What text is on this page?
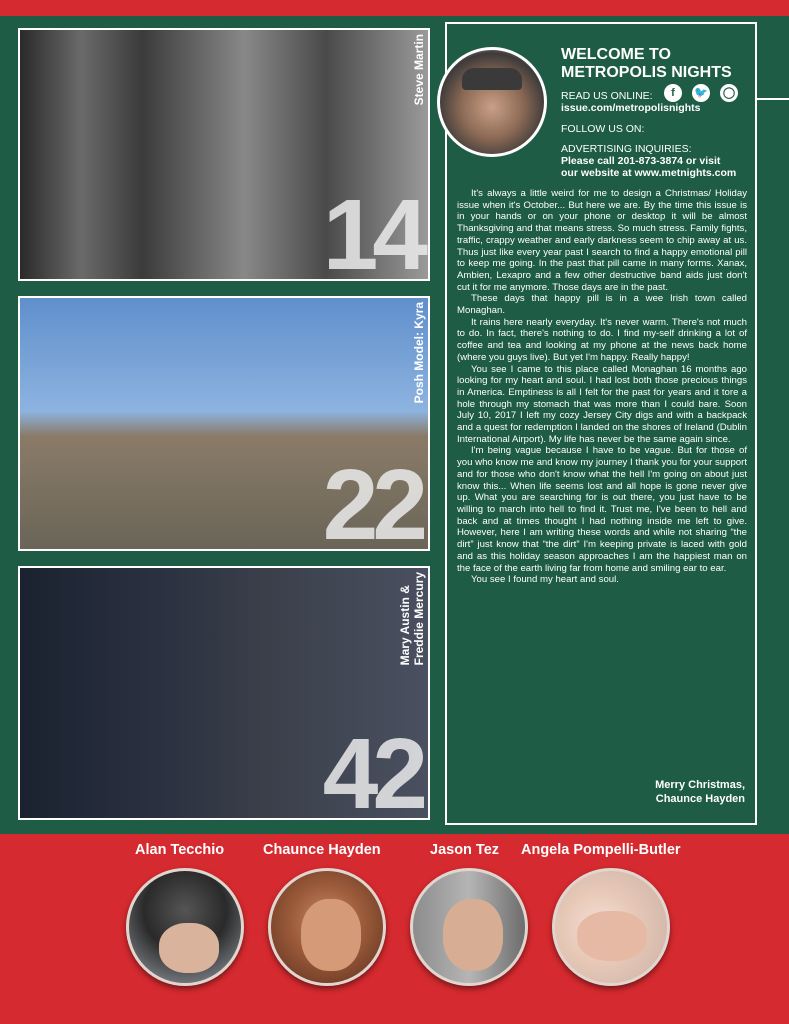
Steve Martin
14
Posh Model: Kyra
22
Mary Austin &
Freddie Mercury
42
WELCOME TO
METROPOLIS NIGHTS
READ US ONLINE:	f	🐦 ◯
issue.com/metropolisnights
FOLLOW US ON:
ADVERTISING INQUIRIES:
Please call 201-873-3874 or visit
our website at www.metnights.com

It's always a little weird for me to design a Christmas/ Holiday issue when it's October... But here we are. By the time this issue is in your hands or on your phone or desktop it will be almost Thanksgiving and that means stress. So much stress. Family fights, traffic, crappy weather and early darkness seem to chip away at us. Thus just like every year past I search to find a happy emotional pill to keep me going. In the past that pill came in many forms. Xanax, Ambien, Lexapro and a few other destructive band aids just don't cut it for me anymore. Those days are in the past.

These days that happy pill is in a wee Irish town called Monaghan.

It rains here nearly everyday. It's never warm. There's not much to do. In fact, there's nothing to do. I find my-self drinking a lot of coffee and tea and looking at my phone at the news back home (where you guys live). But yet I'm happy. Really happy!

You see I came to this place called Monaghan 16 months ago looking for my heart and soul. I had lost both those precious things in America. Emptiness is all I felt for the past for years and it tore a hole through my stomach that was more than I could bare. Soon July 10, 2017 I left my cozy Jersey City digs and with a backpack and a quest for redemption I landed on the shores of Ireland (Dublin International Airport). My life has never be the same again since.

I'm being vague because I have to be vague. But for those of you who know me and know my journey I thank you for your support and for those who don't know what the hell I'm going on about just know this... When life seems lost and all hope is gone never give up. What you are searching for is out there, you just have to be willing to march into hell to find it. Trust me, I've been to hell and back and at times thought I had nothing inside me left to give. However, here I am writing these words and while not sharing “the dirt” just know that “the dirt” I'm keeping private is laced with gold and as this holiday season approaches I am the happiest man on the face of the earth living far from home and smiling ear to ear.

You see I found my heart and soul.

Merry Christmas,
Chaunce Hayden
Alan Tecchio	Chaunce Hayden	Jason Tez Angela Pompelli-Butler
